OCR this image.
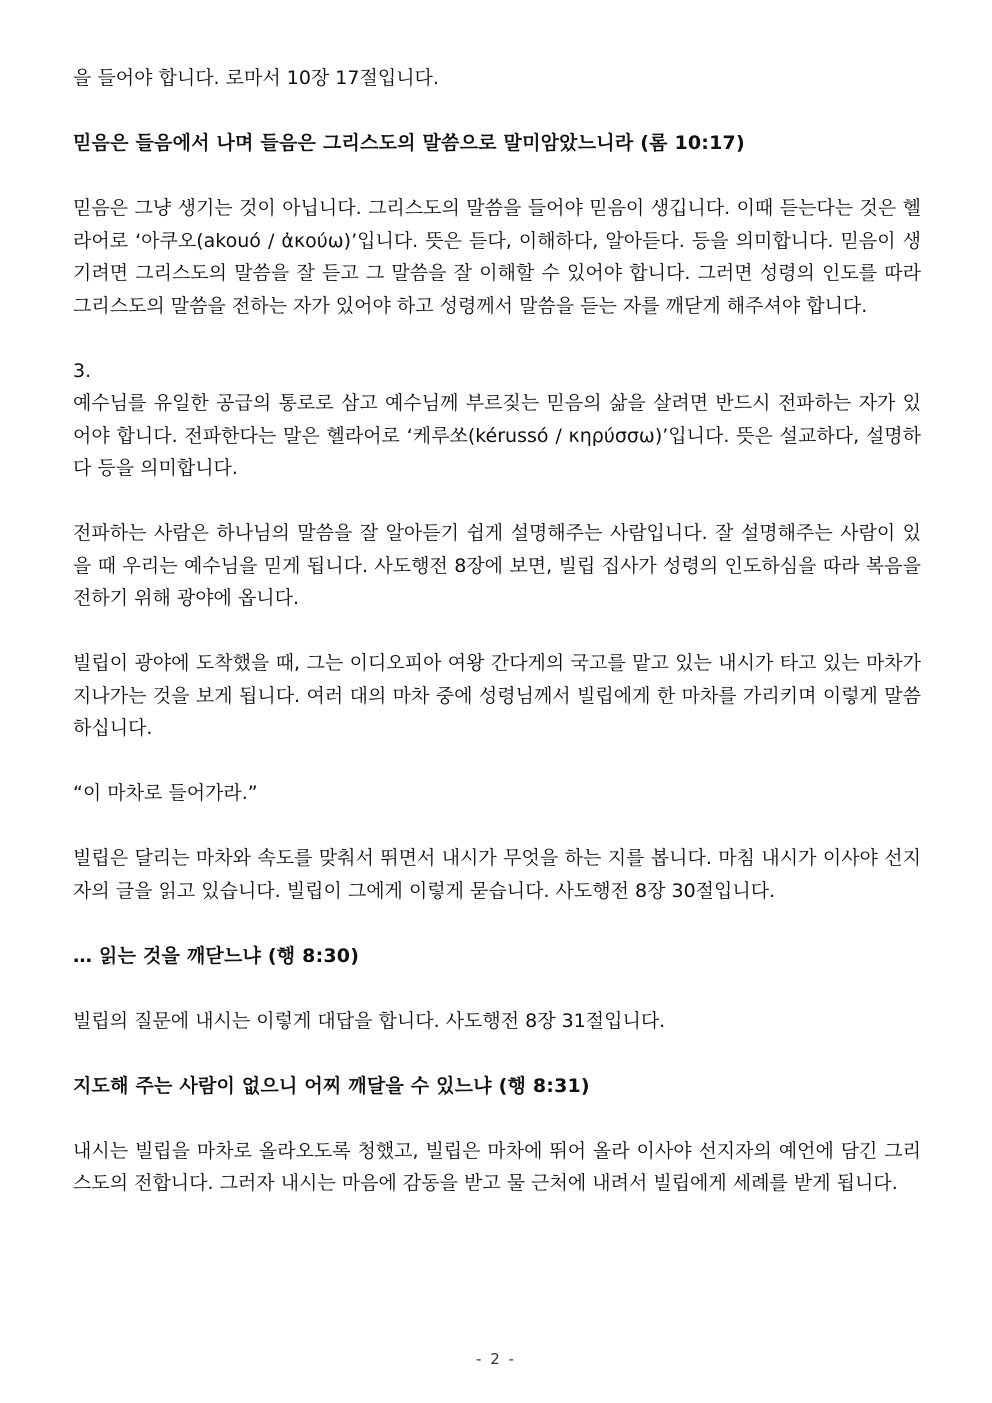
을 들어야 합니다. 로마서 10장 17절입니다.

믿음은 들음에서 나며 들음은 그리스도의 말씀으로 말미암았느니라 (롬 10:17)

믿음은 그냥 생기는 것이 아닙니다. 그리스도의 말씀을 들어야 믿음이 생깁니다. 이때 듣는다는 것은 헬라어로 ‘아쿠오(akouó / ἀκούω)’입니다. 뜻은 듣다, 이해하다, 알아듣다. 등을 의미합니다. 믿음이 생기려면 그리스도의 말씀을 잘 듣고 그 말씀을 잘 이해할 수 있어야 합니다. 그러면 성령의 인도를 따라 그리스도의 말씀을 전하는 자가 있어야 하고 성령께서 말씀을 듣는 자를 깨닫게 해주셔야 합니다.

3.

예수님를 유일한 공급의 통로로 삼고 예수님께 부르짖는 믿음의 삶을 살려면 반드시 전파하는 자가 있어야 합니다. 전파한다는 말은 헬라어로 ‘케루쏘(kérussó / κηρύσσω)’입니다. 뜻은 설교하다, 설명하다 등을 의미합니다.

전파하는 사람은 하나님의 말씀을 잘 알아듣기 쉽게 설명해주는 사람입니다. 잘 설명해주는 사람이 있을 때 우리는 예수님을 믿게 됩니다. 사도행전 8장에 보면, 빌립 집사가 성령의 인도하심을 따라 복음을 전하기 위해 광야에 옵니다.

빌립이 광야에 도착했을 때, 그는 이디오피아 여왕 간다게의 국고를 맡고 있는 내시가 타고 있는 마차가 지나가는 것을 보게 됩니다. 여러 대의 마차 중에 성령님께서 빌립에게 한 마차를 가리키며 이렇게 말씀하십니다.

“이 마차로 들어가라.”

빌립은 달리는 마차와 속도를 맞춰서 뛰면서 내시가 무엇을 하는 지를 봅니다. 마침 내시가 이사야 선지자의 글을 읽고 있습니다. 빌립이 그에게 이렇게 묻습니다. 사도행전 8장 30절입니다.

… 읽는 것을 깨닫느냐 (행 8:30)

빌립의 질문에 내시는 이렇게 대답을 합니다. 사도행전 8장 31절입니다.

지도해 주는 사람이 없으니 어찌 깨달을 수 있느냐 (행 8:31)

내시는 빌립을 마차로 올라오도록 청했고, 빌립은 마차에 뛰어 올라 이사야 선지자의 예언에 담긴 그리스도의 전합니다. 그러자 내시는 마음에 감동을 받고 물 근처에 내려서 빌립에게 세례를 받게 됩니다.

- 2 -
